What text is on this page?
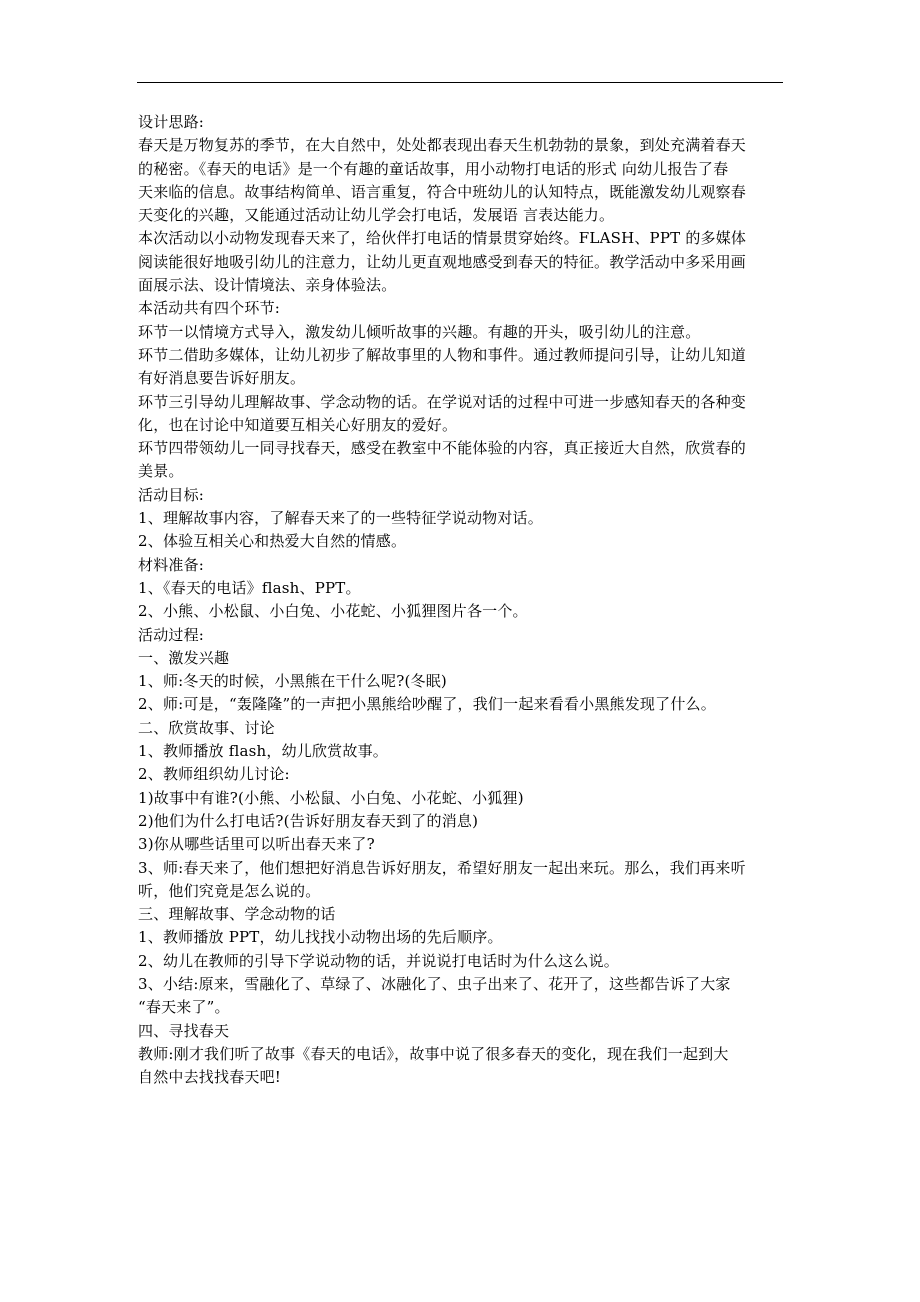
设计思路:
春天是万物复苏的季节，在大自然中，处处都表现出春天生机勃勃的景象，到处充满着春天
的秘密。《春天的电话》是一个有趣的童话故事，用小动物打电话的形式 向幼儿报告了春
天来临的信息。故事结构简单、语言重复，符合中班幼儿的认知特点，既能激发幼儿观察春
天变化的兴趣，又能通过活动让幼儿学会打电话，发展语 言表达能力。
本次活动以小动物发现春天来了，给伙伴打电话的情景贯穿始终。FLASH、PPT 的多媒体
阅读能很好地吸引幼儿的注意力，让幼儿更直观地感受到春天的特征。教学活动中多采用画
面展示法、设计情境法、亲身体验法。
本活动共有四个环节:
环节一以情境方式导入，激发幼儿倾听故事的兴趣。有趣的开头，吸引幼儿的注意。
环节二借助多媒体，让幼儿初步了解故事里的人物和事件。通过教师提问引导，让幼儿知道
有好消息要告诉好朋友。
环节三引导幼儿理解故事、学念动物的话。在学说对话的过程中可进一步感知春天的各种变
化，也在讨论中知道要互相关心好朋友的爱好。
环节四带领幼儿一同寻找春天，感受在教室中不能体验的内容，真正接近大自然，欣赏春的
美景。
活动目标:
1、理解故事内容，了解春天来了的一些特征学说动物对话。
2、体验互相关心和热爱大自然的情感。
材料准备:
1、《春天的电话》flash、PPT。
2、小熊、小松鼠、小白兔、小花蛇、小狐狸图片各一个。
活动过程:
一、激发兴趣
1、师:冬天的时候，小黑熊在干什么呢?(冬眠)
2、师:可是，“轰隆隆”的一声把小黑熊给吵醒了，我们一起来看看小黑熊发现了什么。
二、欣赏故事、讨论
1、教师播放 flash，幼儿欣赏故事。
2、教师组织幼儿讨论:
1)故事中有谁?(小熊、小松鼠、小白兔、小花蛇、小狐狸)
2)他们为什么打电话?(告诉好朋友春天到了的消息)
3)你从哪些话里可以听出春天来了?
3、师:春天来了，他们想把好消息告诉好朋友，希望好朋友一起出来玩。那么，我们再来听
听，他们究竟是怎么说的。
三、理解故事、学念动物的话
1、教师播放 PPT，幼儿找找小动物出场的先后顺序。
2、幼儿在教师的引导下学说动物的话，并说说打电话时为什么这么说。
3、小结:原来，雪融化了、草绿了、冰融化了、虫子出来了、花开了，这些都告诉了大家
“春天来了”。
四、寻找春天
教师:刚才我们听了故事《春天的电话》，故事中说了很多春天的变化，现在我们一起到大
自然中去找找春天吧!
